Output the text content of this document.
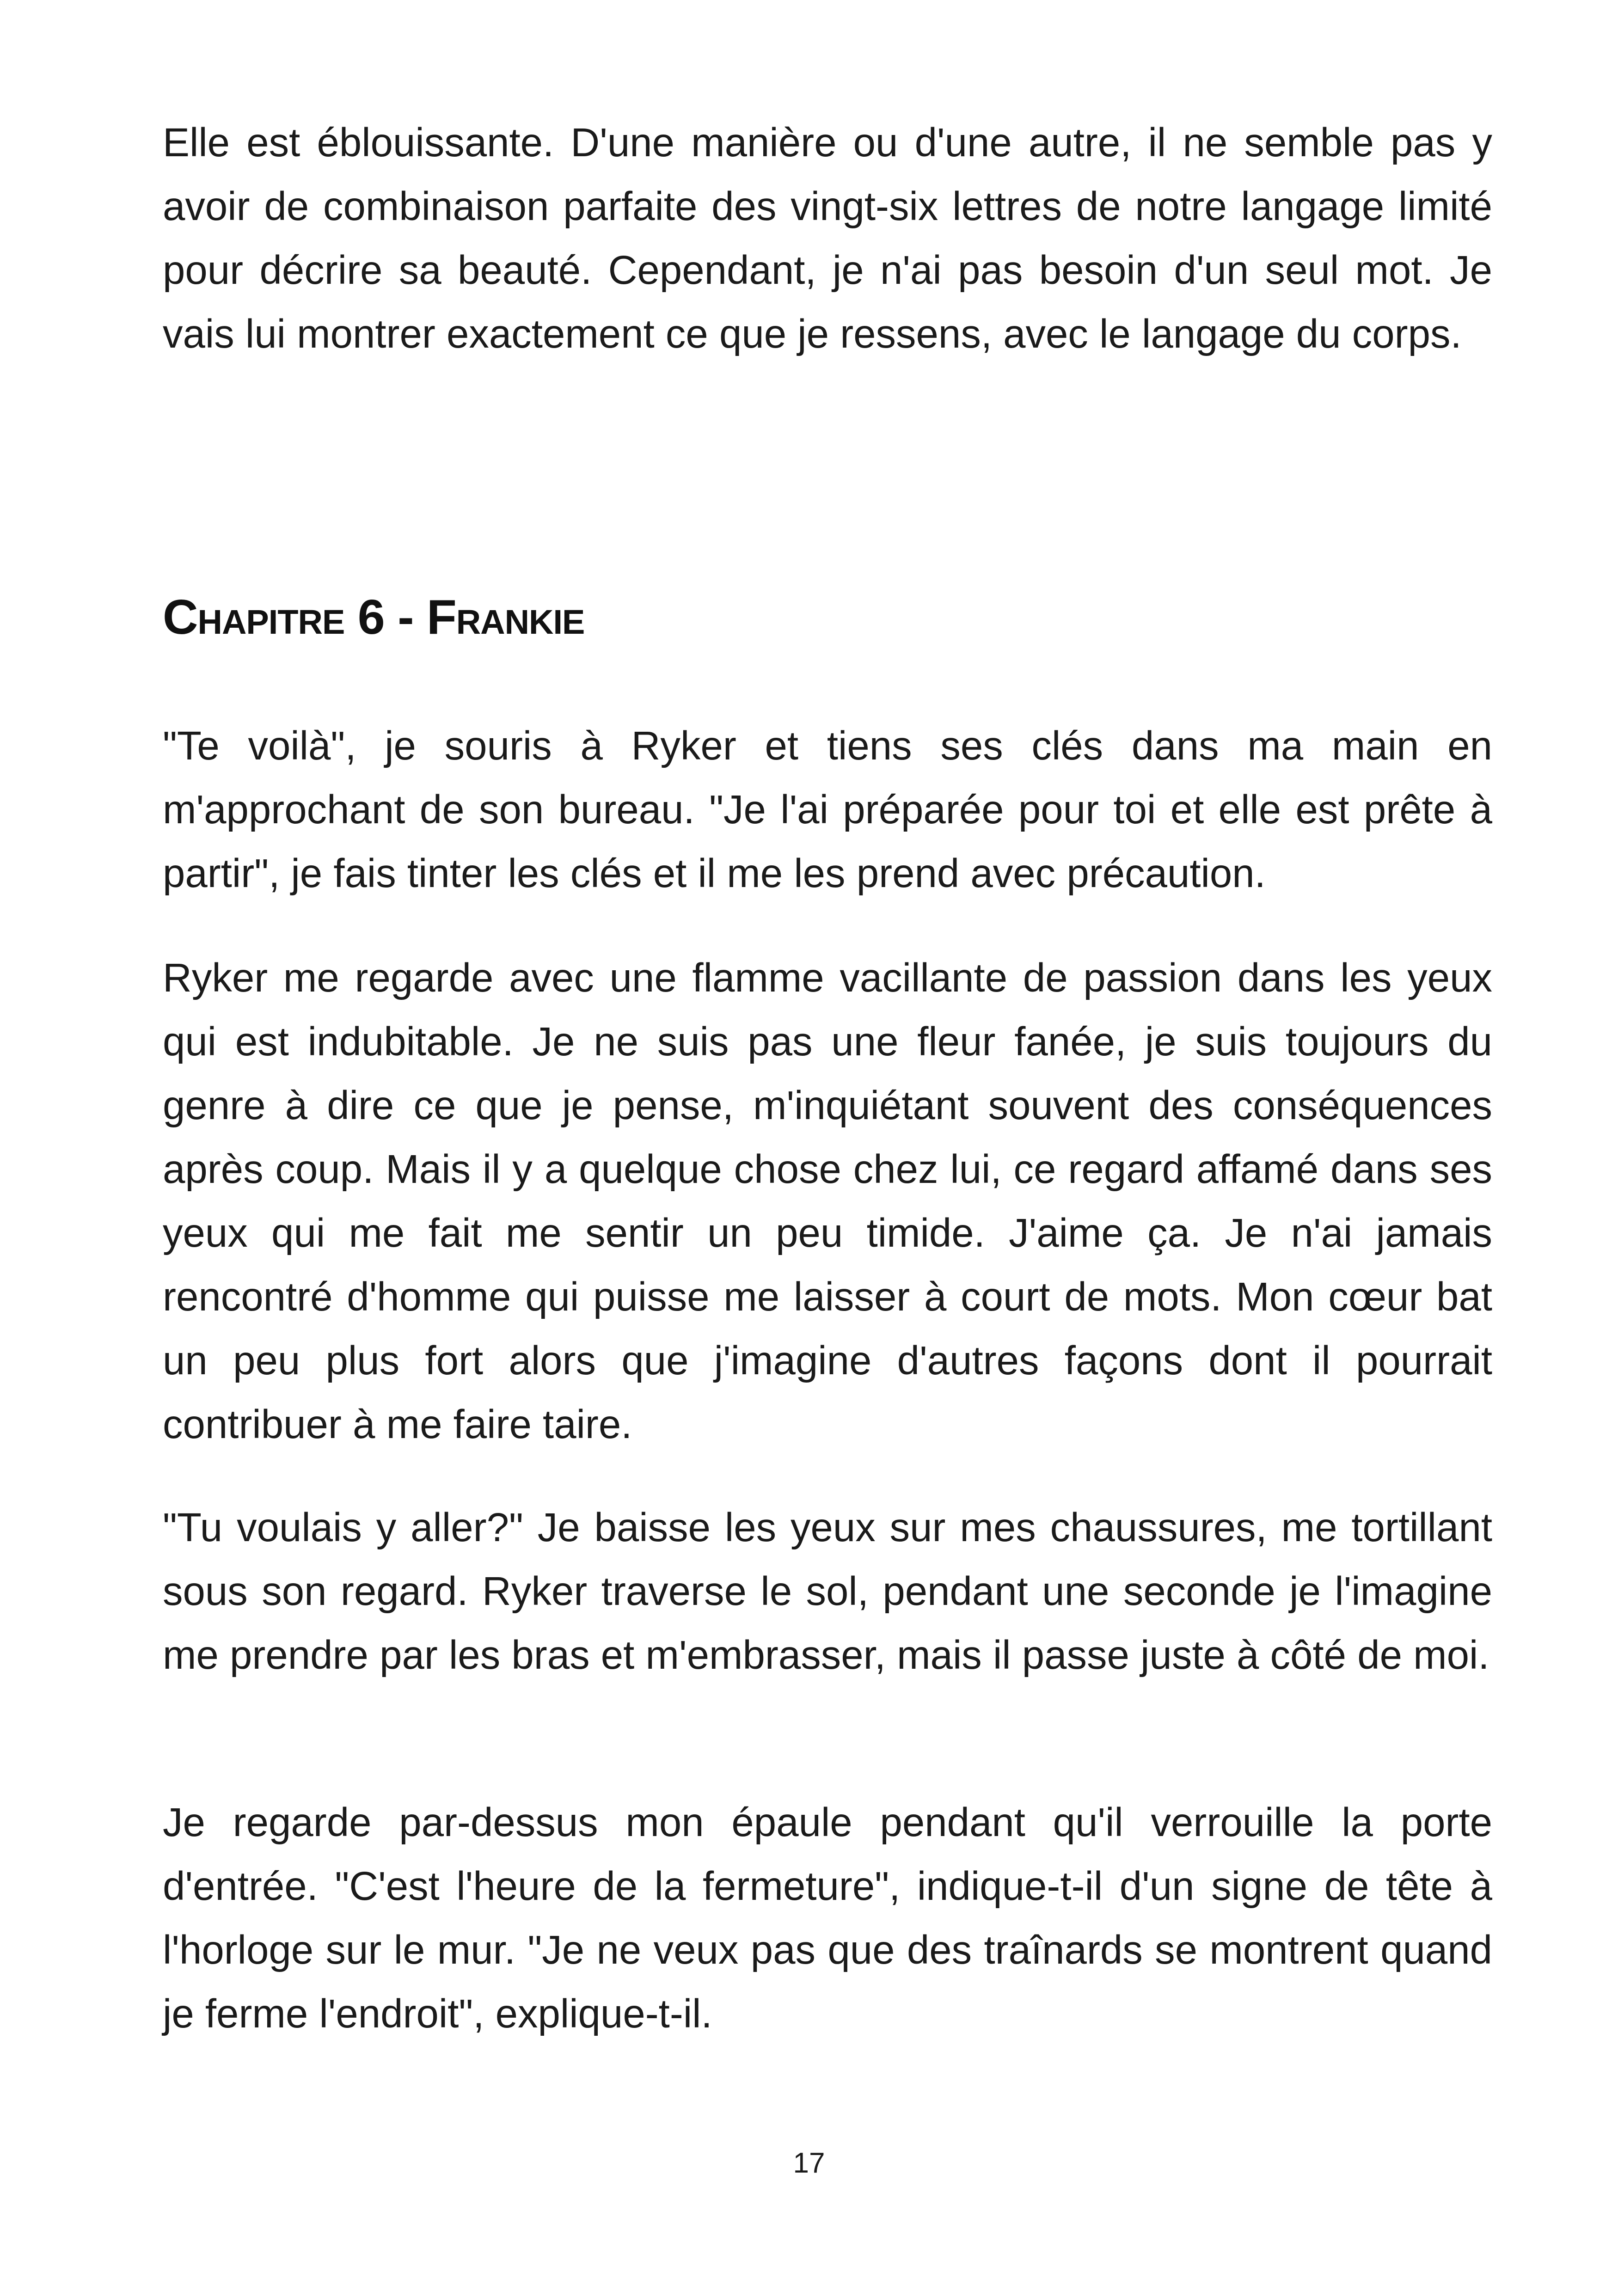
Elle est éblouissante. D'une manière ou d'une autre, il ne semble pas y avoir de combinaison parfaite des vingt-six lettres de notre langage limité pour décrire sa beauté. Cependant, je n'ai pas besoin d'un seul mot. Je vais lui montrer exactement ce que je ressens, avec le langage du corps.

Chapitre 6 - Frankie

"Te voilà", je souris à Ryker et tiens ses clés dans ma main en m'approchant de son bureau. "Je l'ai préparée pour toi et elle est prête à partir", je fais tinter les clés et il me les prend avec précaution.

Ryker me regarde avec une flamme vacillante de passion dans les yeux qui est indubitable. Je ne suis pas une fleur fanée, je suis toujours du genre à dire ce que je pense, m'inquiétant souvent des conséquences après coup. Mais il y a quelque chose chez lui, ce regard affamé dans ses yeux qui me fait me sentir un peu timide. J'aime ça. Je n'ai jamais rencontré d'homme qui puisse me laisser à court de mots. Mon cœur bat un peu plus fort alors que j'imagine d'autres façons dont il pourrait contribuer à me faire taire.

"Tu voulais y aller?" Je baisse les yeux sur mes chaussures, me tortillant sous son regard. Ryker traverse le sol, pendant une seconde je l'imagine me prendre par les bras et m'embrasser, mais il passe juste à côté de moi.

Je regarde par-dessus mon épaule pendant qu'il verrouille la porte d'entrée. "C'est l'heure de la fermeture", indique-t-il d'un signe de tête à l'horloge sur le mur. "Je ne veux pas que des traînards se montrent quand je ferme l'endroit", explique-t-il.

17
